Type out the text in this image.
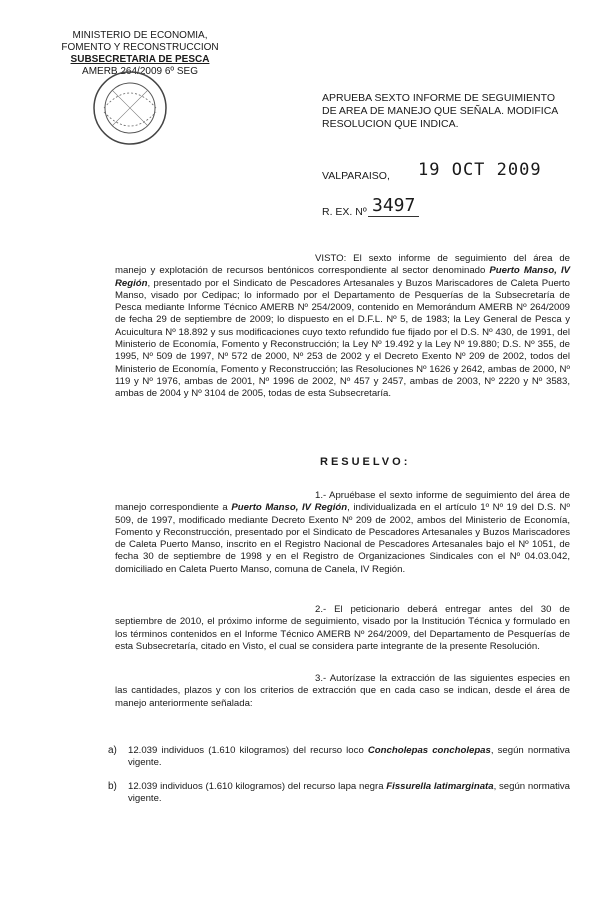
MINISTERIO DE ECONOMIA,
FOMENTO Y RECONSTRUCCION
SUBSECRETARIA DE PESCA
AMERB 264/2009 6º SEG
APRUEBA SEXTO INFORME DE SEGUIMIENTO DE AREA DE MANEJO QUE SEÑALA. MODIFICA RESOLUCION QUE INDICA.
VALPARAISO, 19 OCT 2009
R. EX. Nº 3497
VISTO: El sexto informe de seguimiento del área de manejo y explotación de recursos bentónicos correspondiente al sector denominado Puerto Manso, IV Región, presentado por el Sindicato de Pescadores Artesanales y Buzos Mariscadores de Caleta Puerto Manso, visado por Cedipac; lo informado por el Departamento de Pesquerías de la Subsecretaría de Pesca mediante Informe Técnico AMERB Nº 254/2009, contenido en Memorándum AMERB Nº 264/2009 de fecha 29 de septiembre de 2009; lo dispuesto en el D.F.L. Nº 5, de 1983; la Ley General de Pesca y Acuicultura Nº 18.892 y sus modificaciones cuyo texto refundido fue fijado por el D.S. Nº 430, de 1991, del Ministerio de Economía, Fomento y Reconstrucción; la Ley Nº 19.492 y la Ley Nº 19.880; D.S. Nº 355, de 1995, Nº 509 de 1997, Nº 572 de 2000, Nº 253 de 2002 y el Decreto Exento Nº 209 de 2002, todos del Ministerio de Economía, Fomento y Reconstrucción; las Resoluciones Nº 1626 y 2642, ambas de 2000, Nº 119 y Nº 1976, ambas de 2001, Nº 1996 de 2002, Nº 457 y 2457, ambas de 2003, Nº 2220 y Nº 3583, ambas de 2004 y Nº 3104 de 2005, todas de esta Subsecretaría.
RESUELVO:
1.- Apruébase el sexto informe de seguimiento del área de manejo correspondiente a Puerto Manso, IV Región, individualizada en el artículo 1º Nº 19 del D.S. Nº 509, de 1997, modificado mediante Decreto Exento Nº 209 de 2002, ambos del Ministerio de Economía, Fomento y Reconstrucción, presentado por el Sindicato de Pescadores Artesanales y Buzos Mariscadores de Caleta Puerto Manso, inscrito en el Registro Nacional de Pescadores Artesanales bajo el Nº 1051, de fecha 30 de septiembre de 1998 y en el Registro de Organizaciones Sindicales con el Nº 04.03.042, domiciliado en Caleta Puerto Manso, comuna de Canela, IV Región.
2.- El peticionario deberá entregar antes del 30 de septiembre de 2010, el próximo informe de seguimiento, visado por la Institución Técnica y formulado en los términos contenidos en el Informe Técnico AMERB Nº 264/2009, del Departamento de Pesquerías de esta Subsecretaría, citado en Visto, el cual se considera parte integrante de la presente Resolución.
3.- Autorízase la extracción de las siguientes especies en las cantidades, plazos y con los criterios de extracción que en cada caso se indican, desde el área de manejo anteriormente señalada:
a) 12.039 individuos (1.610 kilogramos) del recurso loco Concholepas concholepas, según normativa vigente.
b) 12.039 individuos (1.610 kilogramos) del recurso lapa negra Fissurella latimarginata, según normativa vigente.
